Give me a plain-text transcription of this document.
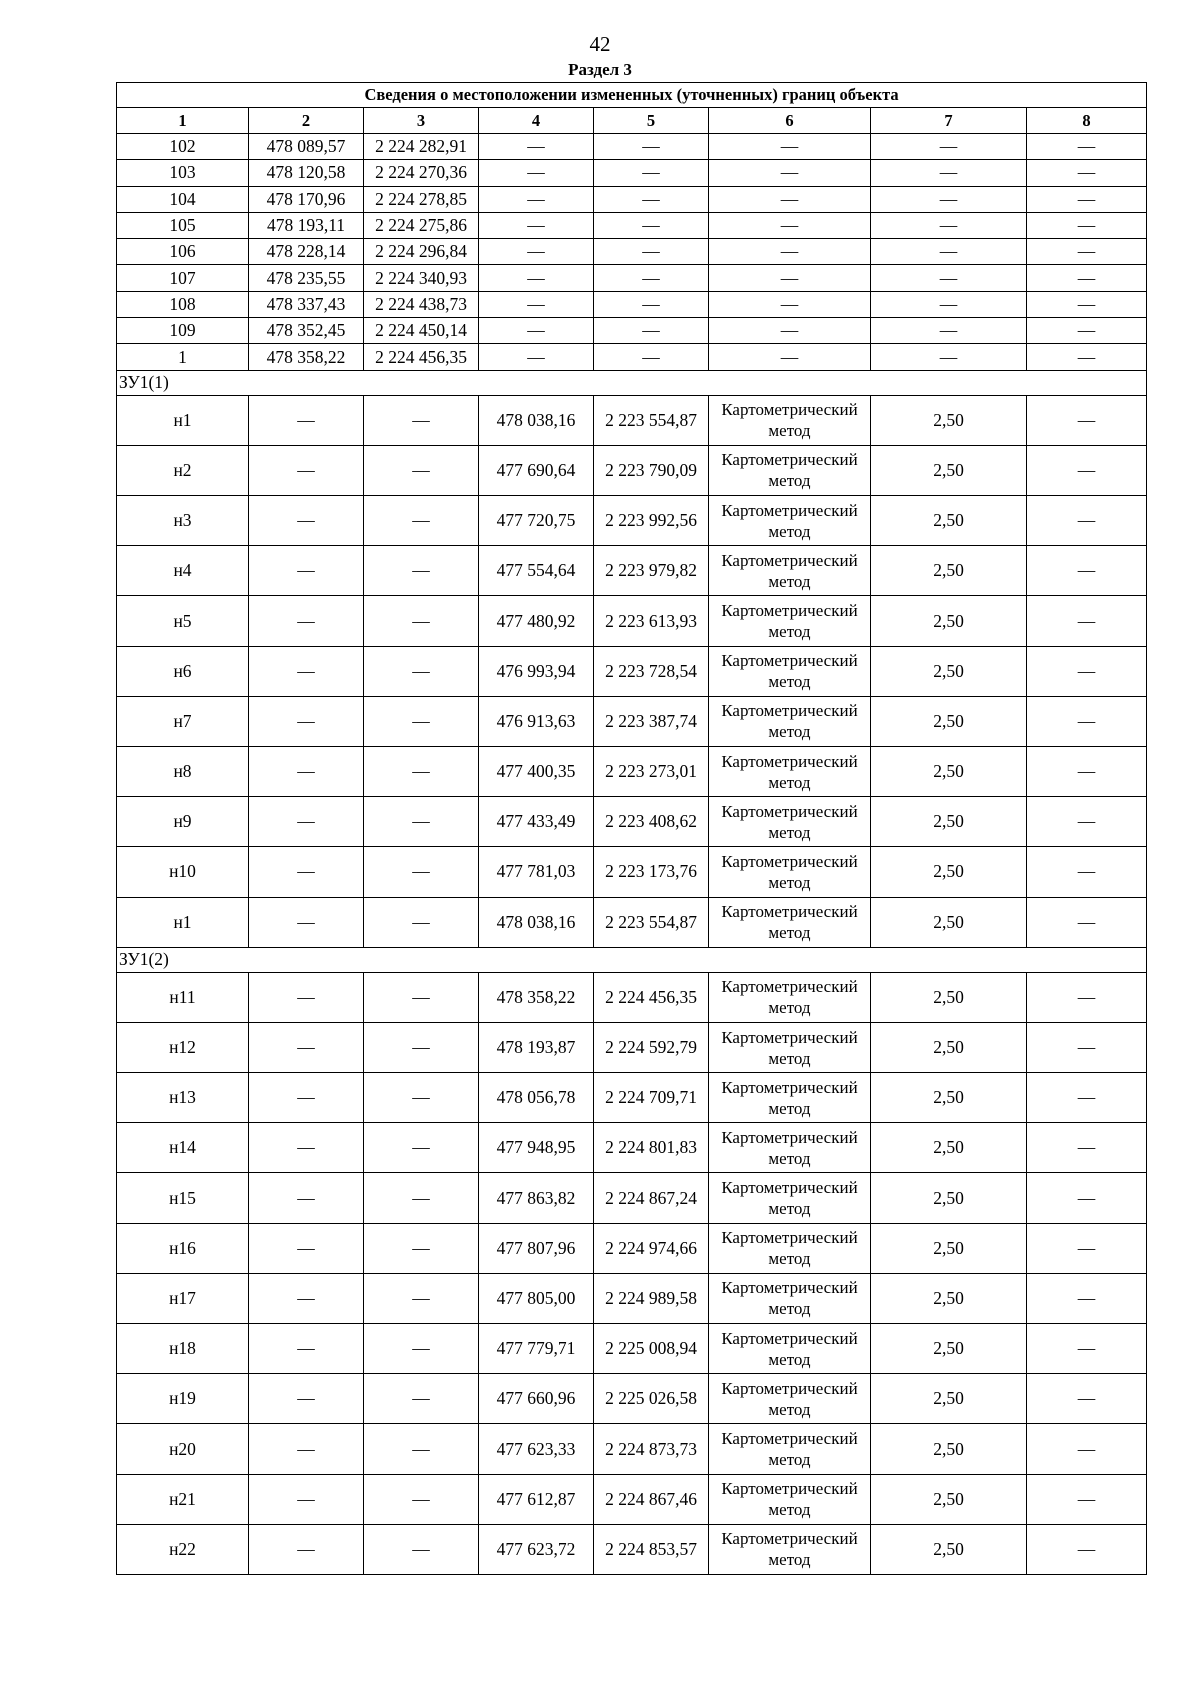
42
Раздел 3
Сведения о местоположении измененных (уточненных) границ объекта							
1	2	3	4	5	6	7	8
102	478 089,57	2 224 282,91	—	—	—	—	—
103	478 120,58	2 224 270,36	—	—	—	—	—
104	478 170,96	2 224 278,85	—	—	—	—	—
105	478 193,11	2 224 275,86	—	—	—	—	—
106	478 228,14	2 224 296,84	—	—	—	—	—
107	478 235,55	2 224 340,93	—	—	—	—	—
108	478 337,43	2 224 438,73	—	—	—	—	—
109	478 352,45	2 224 450,14	—	—	—	—	—
1	478 358,22	2 224 456,35	—	—	—	—	—
ЗУ1(1)							
н1	—	—	478 038,16	2 223 554,87	Картометрический метод	2,50	—
н2	—	—	477 690,64	2 223 790,09	Картометрический метод	2,50	—
н3	—	—	477 720,75	2 223 992,56	Картометрический метод	2,50	—
н4	—	—	477 554,64	2 223 979,82	Картометрический метод	2,50	—
н5	—	—	477 480,92	2 223 613,93	Картометрический метод	2,50	—
н6	—	—	476 993,94	2 223 728,54	Картометрический метод	2,50	—
н7	—	—	476 913,63	2 223 387,74	Картометрический метод	2,50	—
н8	—	—	477 400,35	2 223 273,01	Картометрический метод	2,50	—
н9	—	—	477 433,49	2 223 408,62	Картометрический метод	2,50	—
н10	—	—	477 781,03	2 223 173,76	Картометрический метод	2,50	—
н1	—	—	478 038,16	2 223 554,87	Картометрический метод	2,50	—
ЗУ1(2)							
н11	—	—	478 358,22	2 224 456,35	Картометрический метод	2,50	—
н12	—	—	478 193,87	2 224 592,79	Картометрический метод	2,50	—
н13	—	—	478 056,78	2 224 709,71	Картометрический метод	2,50	—
н14	—	—	477 948,95	2 224 801,83	Картометрический метод	2,50	—
н15	—	—	477 863,82	2 224 867,24	Картометрический метод	2,50	—
н16	—	—	477 807,96	2 224 974,66	Картометрический метод	2,50	—
н17	—	—	477 805,00	2 224 989,58	Картометрический метод	2,50	—
н18	—	—	477 779,71	2 225 008,94	Картометрический метод	2,50	—
н19	—	—	477 660,96	2 225 026,58	Картометрический метод	2,50	—
н20	—	—	477 623,33	2 224 873,73	Картометрический метод	2,50	—
н21	—	—	477 612,87	2 224 867,46	Картометрический метод	2,50	—
н22	—	—	477 623,72	2 224 853,57	Картометрический метод	2,50	—
